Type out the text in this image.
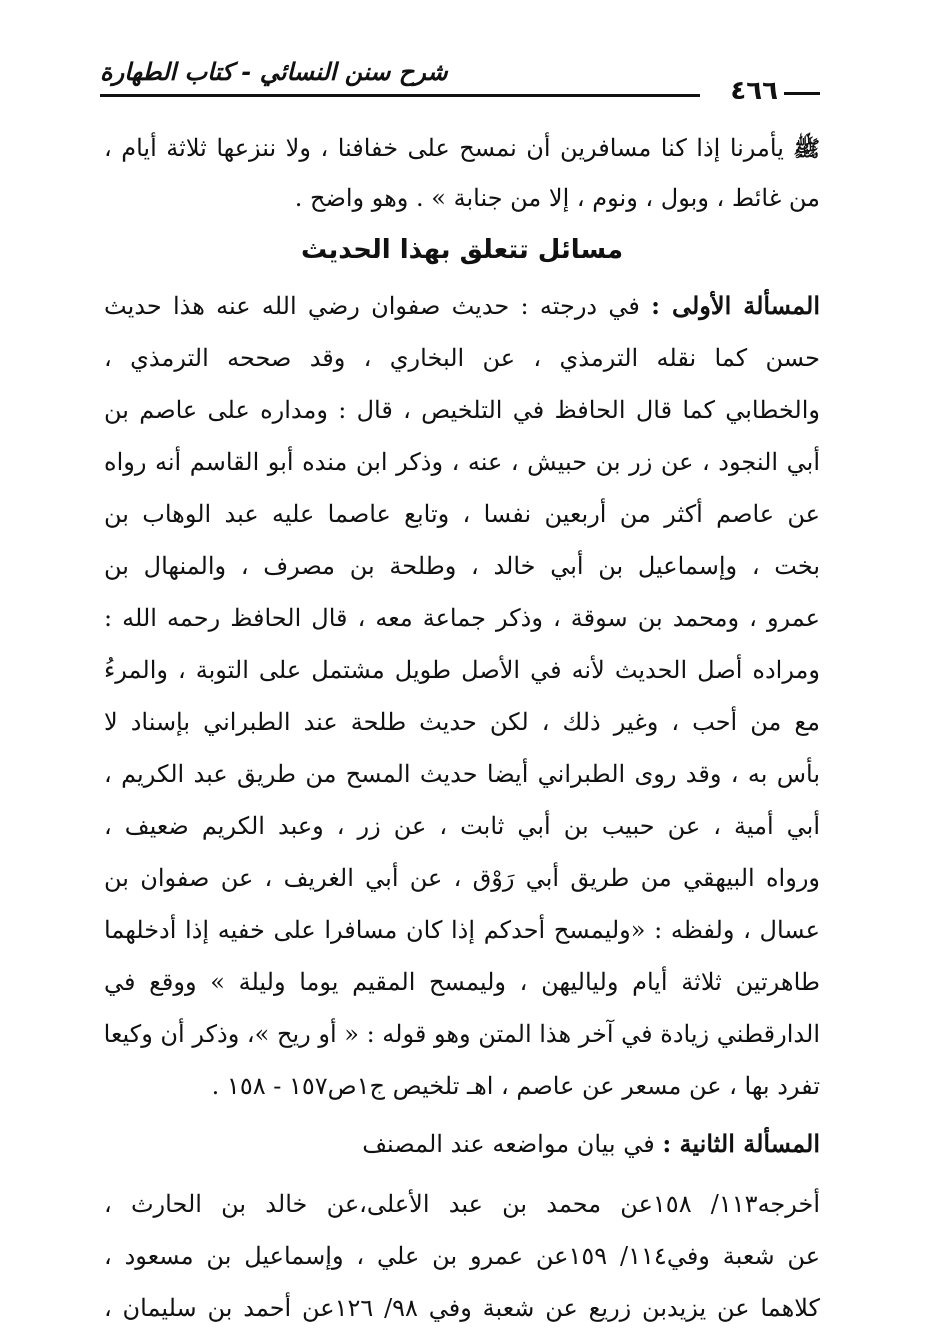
شرح سنن النسائي - كتاب الطهارة
٤٦٦
ﷺ يأمرنا إذا كنا مسافرين أن نمسح على خفافنا ، ولا ننزعها ثلاثة أيام ،
من غائط ، وبول ، ونوم ، إلا من جنابة » . وهو واضح .
مسائل تتعلق بهذا الحديث
المسألة الأولى : في درجته : حديث صفوان رضي الله عنه هذا حديث
حسن كما نقله الترمذي ، عن البخاري ، وقد صححه الترمذي ،
والخطابي كما قال الحافظ في التلخيص ، قال : ومداره على عاصم بن
أبي النجود ، عن زر بن حبيش ، عنه ، وذكر ابن منده أبو القاسم أنه رواه
عن عاصم أكثر من أربعين نفسا ، وتابع عاصما عليه عبد الوهاب بن
بخت ، وإسماعيل بن أبي خالد ، وطلحة بن مصرف ، والمنهال بن
عمرو ، ومحمد بن سوقة ، وذكر جماعة معه ، قال الحافظ رحمه الله :
ومراده أصل الحديث لأنه في الأصل طويل مشتمل على التوبة ، والمرءُ
مع من أحب ، وغير ذلك ، لكن حديث طلحة عند الطبراني بإسناد لا
بأس به ، وقد روى الطبراني أيضا حديث المسح من طريق عبد الكريم ،
أبي أمية ، عن حبيب بن أبي ثابت ، عن زر ، وعبد الكريم ضعيف ،
ورواه البيهقي من طريق أبي رَوْق ، عن أبي الغريف ، عن صفوان بن
عسال ، ولفظه : «وليمسح أحدكم إذا كان مسافرا على خفيه إذا أدخلهما
طاهرتين ثلاثة أيام ولياليهن ، وليمسح المقيم يوما وليلة » ووقع في
الدارقطني زيادة في آخر هذا المتن وهو قوله : « أو ريح »، وذكر أن وكيعا
تفرد بها ، عن مسعر عن عاصم ، اهـ تلخيص ج١ص١٥٧ - ١٥٨ .
المسألة الثانية : في بيان مواضعه عند المصنف
أخرجه١١٣/ ١٥٨عن محمد بن عبد الأعلى،عن خالد بن الحارث ،
عن شعبة وفي١١٤/ ١٥٩عن عمرو بن علي ، وإسماعيل بن مسعود ،
كلاهما عن يزيدبن زريع عن شعبة وفي ٩٨/ ١٢٦عن أحمد بن سليمان ،
